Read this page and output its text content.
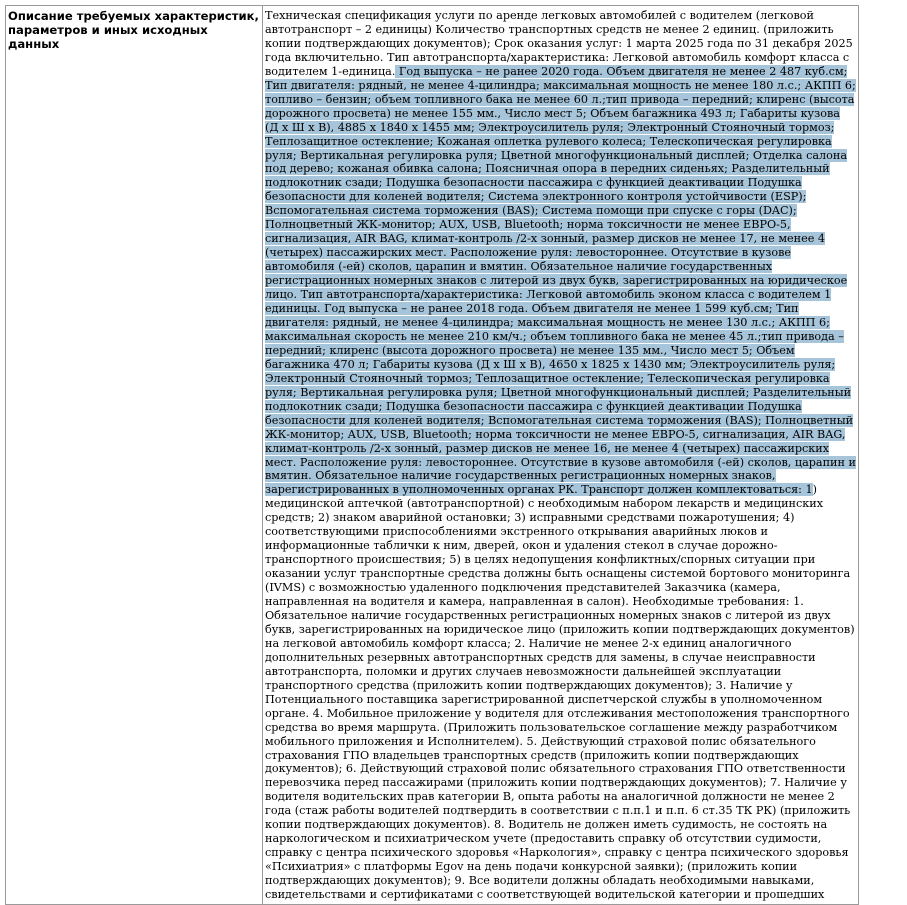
Описание требуемых характеристик, параметров и иных исходных данных	Техническая спецификация услуги по аренде легковых автомобилей с водителем (легковой автотранспорт – 2 единицы) Количество транспортных средств не менее 2 единиц. (приложить копии подтверждающих документов); Срок оказания услуг: 1 марта 2025 года по 31 декабря 2025 года включительно. Тип автотранспорта/характеристика: Легковой автомобиль комфорт класса с водителем 1-единица. Год выпуска – не ранее 2020 года. Объем двигателя не менее 2 487 куб.см; Тип двигателя: рядный, не менее 4-цилиндра; максимальная мощность не менее 180 л.с.; АКПП 6; топливо – бензин; объем топливного бака не менее 60 л.;тип привода – передний; клиренс (высота дорожного просвета) не менее 155 мм., Число мест 5; Объем багажника 493 л; Габариты кузова (Д х Ш х В), 4885 х 1840 х 1455 мм; Электроусилитель руля; Электронный Стояночный тормоз; Теплозащитное остекление; Кожаная оплетка рулевого колеса; Телескопическая регулировка руля; Вертикальная регулировка руля; Цветной многофункциональный дисплей; Отделка салона под дерево; кожаная обивка салона; Поясничная опора в передних сиденьях; Разделительный подлокотник сзади; Подушка безопасности пассажира с функцией деактивации Подушка безопасности для коленей водителя; Система электронного контроля устойчивости (ESP); Вспомогательная система торможения (BAS); Система помощи при спуске с горы (DAC); Полноцветный ЖК-монитор; AUX, USB, Bluetooth; норма токсичности не менее ЕВРО-5, сигнализация, AIR BAG, климат-контроль /2-х зонный, размер дисков не менее 17, не менее 4 (четырех) пассажирских мест. Расположение руля: левостороннее. Отсутствие в кузове автомобиля (-ей) сколов, царапин и вмятин. Обязательное наличие государственных регистрационных номерных знаков с литерой из двух букв, зарегистрированных на юридическое лицо. Тип автотранспорта/характеристика: Легковой автомобиль эконом класса с водителем 1 единицы. Год выпуска – не ранее 2018 года. Объем двигателя не менее 1 599 куб.см; Тип двигателя: рядный, не менее 4-цилиндра; максимальная мощность не менее 130 л.с.; АКПП 6; максимальная скорость не менее 210 км/ч.; объем топливного бака не менее 45 л.;тип привода – передний; клиренс (высота дорожного просвета) не менее 135 мм., Число мест 5; Объем багажника 470 л; Габариты кузова (Д х Ш х В), 4650 х 1825 х 1430 мм; Электроусилитель руля; Электронный Стояночный тормоз; Теплозащитное остекление; Телескопическая регулировка руля; Вертикальная регулировка руля; Цветной многофункциональный дисплей; Разделительный подлокотник сзади; Подушка безопасности пассажира с функцией деактивации Подушка безопасности для коленей водителя; Вспомогательная система торможения (BAS); Полноцветный ЖК-монитор; AUX, USB, Bluetooth; норма токсичности не менее ЕВРО-5, сигнализация, AIR BAG, климат-контроль /2-х зонный, размер дисков не менее 16, не менее 4 (четырех) пассажирских мест. Расположение руля: левостороннее. Отсутствие в кузове автомобиля (-ей) сколов, царапин и вмятин. Обязательное наличие государственных регистрационных номерных знаков, зарегистрированных в уполномоченных органах РК. Транспорт должен комплектоваться: 1) медицинской аптечкой (автотранспортной) с необходимым набором лекарств и медицинских средств; 2) знаком аварийной остановки; 3) исправными средствами пожаротушения; 4) соответствующими приспособлениями экстренного открывания аварийных люков и информационные таблички к ним, дверей, окон и удаления стекол в случае дорожно-транспортного происшествия; 5) в целях недопущения конфликтных/спорных ситуации при оказании услуг транспортные средства должны быть оснащены системой бортового мониторинга (IVMS) с возможностью удаленного подключения представителей Заказчика (камера, направленная на водителя и камера, направленная в салон). Необходимые требования: 1. Обязательное наличие государственных регистрационных номерных знаков с литерой из двух букв, зарегистрированных на юридическое лицо (приложить копии подтверждающих документов) на легковой автомобиль комфорт класса; 2. Наличие не менее 2-х единиц аналогичного дополнительных резервных автотранспортных средств для замены, в случае неисправности автотранспорта, поломки и других случаев невозможности дальнейшей эксплуатации транспортного средства (приложить копии подтверждающих документов); 3. Наличие у Потенциального поставщика зарегистрированной диспетчерской службы в уполномоченном органе. 4. Мобильное приложение у водителя для отслеживания местоположения транспортного средства во время маршрута. (Приложить пользовательское соглашение между разработчиком мобильного приложения и Исполнителем). 5. Действующий страховой полис обязательного страхования ГПО владельцев транспортных средств (приложить копии подтверждающих документов); 6. Действующий страховой полис обязательного страхования ГПО ответственности перевозчика перед пассажирами (приложить копии подтверждающих документов); 7. Наличие у водителя водительских прав категории В, опыта работы на аналогичной должности не менее 2 года (стаж работы водителей подтвердить в соответствии с п.п.1 и п.п. 6 ст.35 ТК РК) (приложить копии подтверждающих документов). 8. Водитель не должен иметь судимость, не состоять на наркологическом и психиатрическом учете (предоставить справку об отсутствии судимости, справку с центра психического здоровья «Наркология», справку с центра психического здоровья «Психиатрия» с платформы Egov на день подачи конкурсной заявки); (приложить копии подтверждающих документов); 9. Все водители должны обладать необходимыми навыками, свидетельствами и сертификатами с соответствующей водительской категории и прошедших
